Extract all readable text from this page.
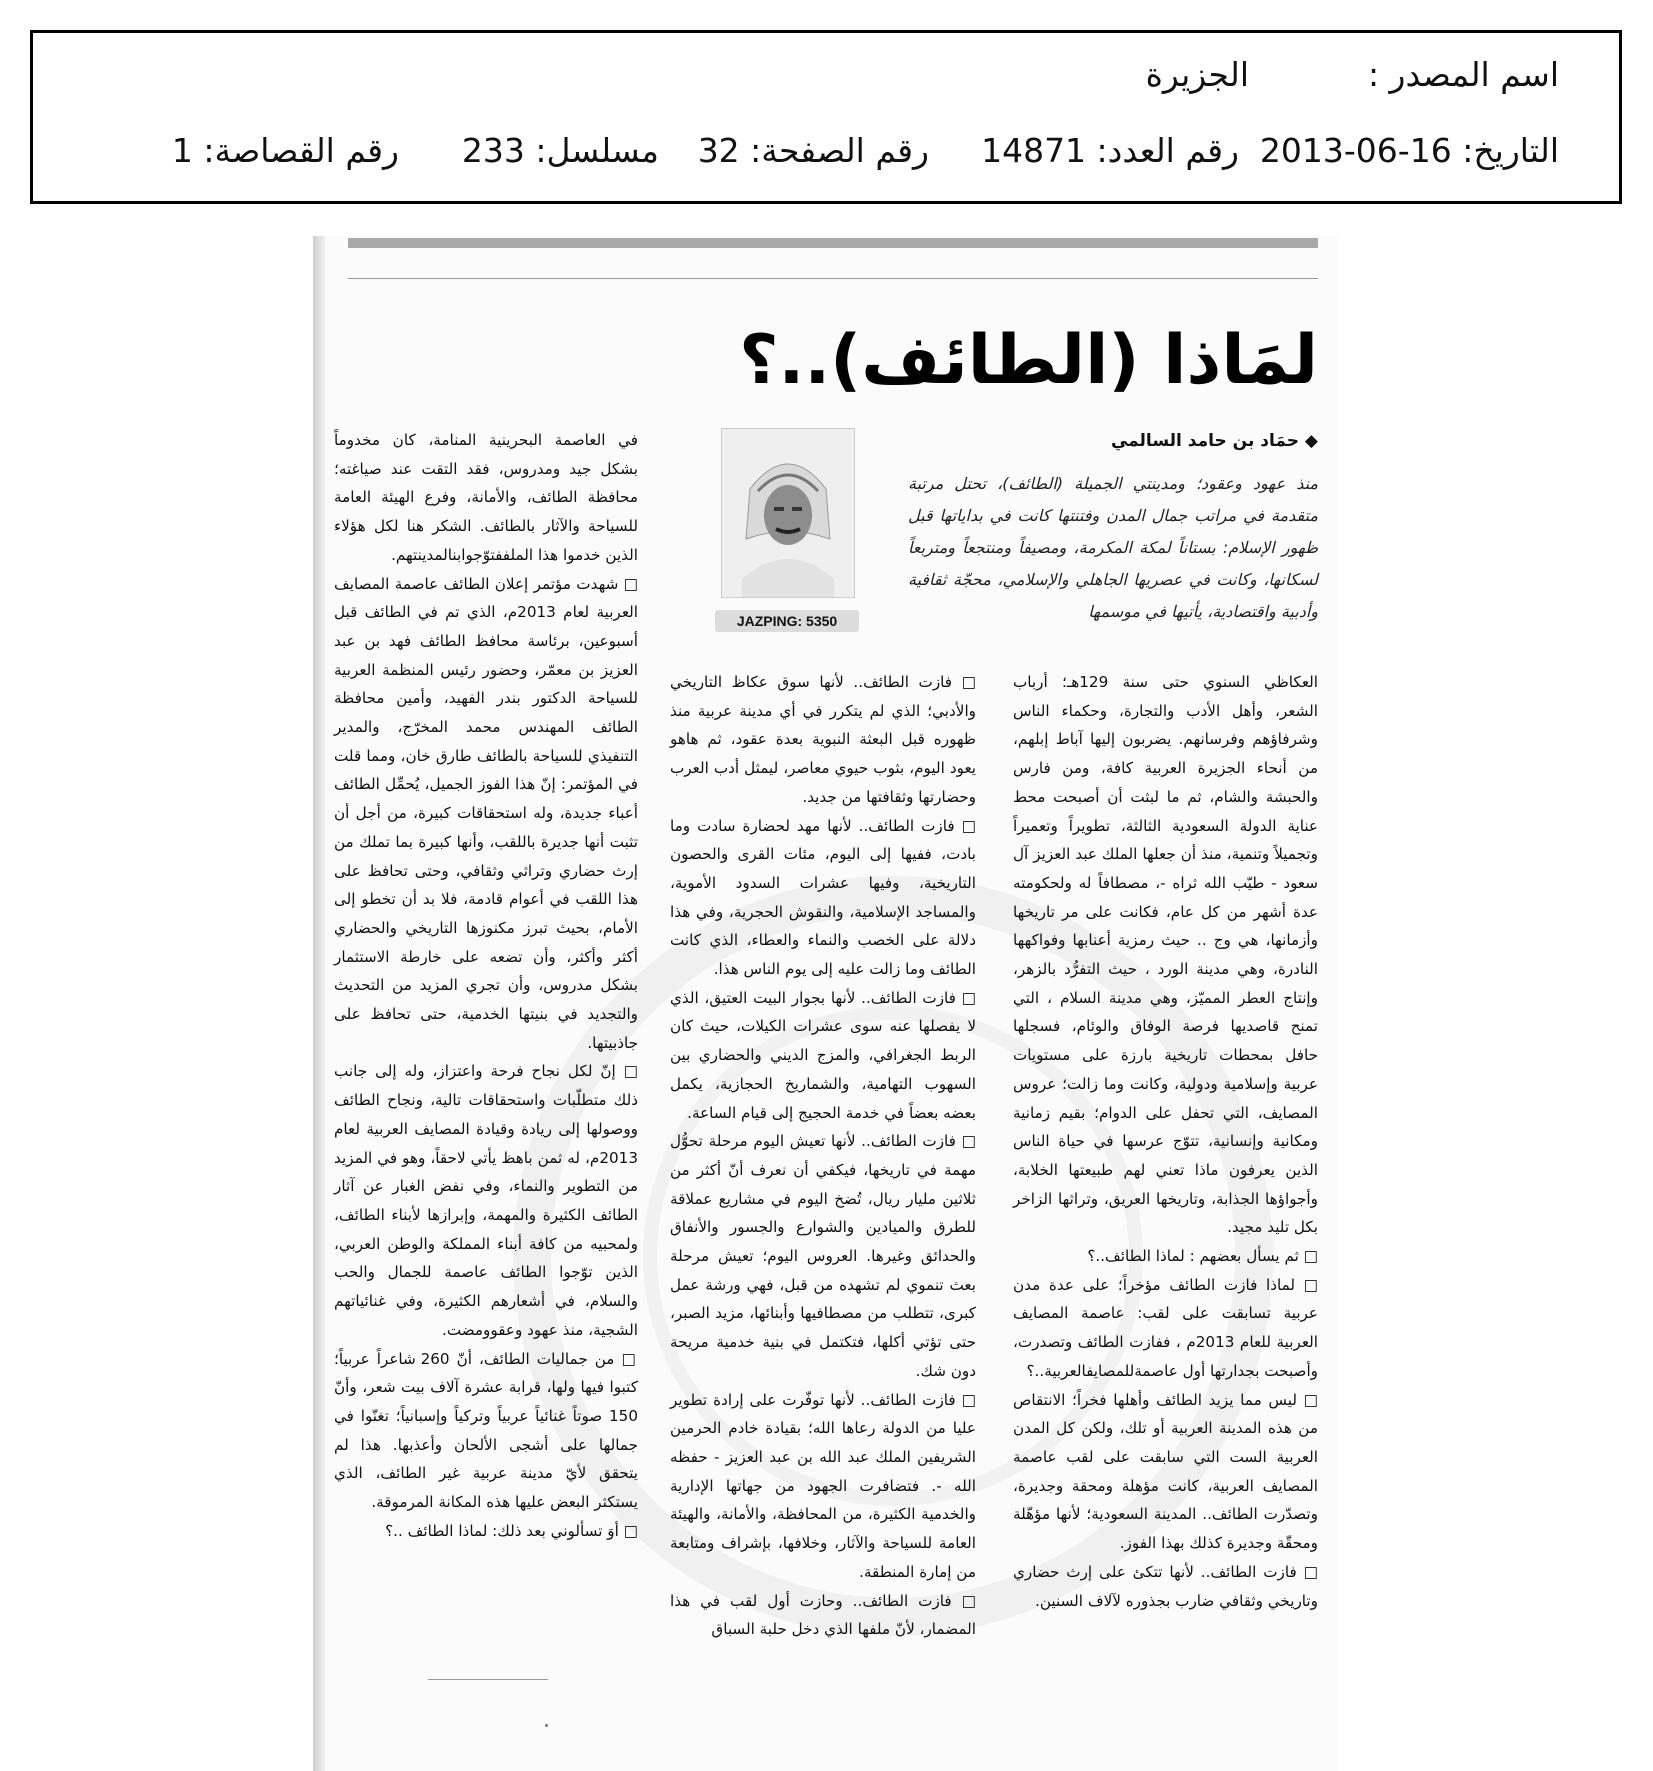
اسم المصدر :
الجزيرة
التاريخ: 16-06-2013
رقم العدد: 14871
رقم الصفحة: 32
مسلسل: 233
رقم القصاصة: 1
لمَاذا (الطائف)..؟
◆ حمَاد بن حامد السالمي
منذ عهود وعقود؛ ومدينتي الجميلة (الطائف)، تحتل مرتبة متقدمة في مراتب جمال المدن وفتنتها كانت في بداياتها قبل ظهور الإسلام: بستاناً لمكة المكرمة، ومصيفاً ومنتجعاً ومتربعاً لسكانها، وكانت في عصريها الجاهلي والإسلامي، محجّة ثقافية وأدبية واقتصادية، يأتيها في موسمها
JAZPING: 5350

العكاظي السنوي حتى سنة 129هـ؛ أرباب الشعر، وأهل الأدب والتجارة، وحكماء الناس وشرفاؤهم وفرسانهم. يضربون إليها آباط إبلهم، من أنحاء الجزيرة العربية كافة، ومن فارس والحبشة والشام، ثم ما لبثت أن أصبحت محط عناية الدولة السعودية الثالثة، تطويراً وتعميراً وتجميلاً وتنمية، منذ أن جعلها الملك عبد العزيز آل سعود - طيّب الله ثراه -، مصطافاً له ولحكومته عدة أشهر من كل عام، فكانت على مر تاريخها وأزمانها، هي وج .. حيث رمزية أعنابها وفواكهها النادرة، وهي مدينة الورد ، حيث التفرُّد بالزهر، وإنتاج العطر المميّز، وهي مدينة السلام ، التي تمنح قاصديها فرصة الوفاق والوئام، فسجلها حافل بمحطات تاريخية بارزة على مستويات عربية وإسلامية ودولية، وكانت وما زالت؛ عروس المصايف، التي تحفل على الدوام؛ بقيم زمانية ومكانية وإنسانية، تتوّج عرسها في حياة الناس الذين يعرفون ماذا تعني لهم طبيعتها الخلابة، وأجواؤها الجذابة، وتاريخها العريق، وتراثها الزاخر بكل تليد مجيد.

□ ثم يسأل بعضهم : لماذا الطائف..؟

□ لماذا فازت الطائف مؤخراً؛ على عدة مدن عربية تسابقت على لقب: عاصمة المصايف العربية للعام 2013م ، ففازت الطائف وتصدرت، وأصبحت بجدارتها أول عاصمةللمصايفالعربية..؟

□ ليس مما يزيد الطائف وأهلها فخراً؛ الانتقاص من هذه المدينة العربية أو تلك، ولكن كل المدن العربية الست التي سابقت على لقب عاصمة المصايف العربية، كانت مؤهلة ومحقة وجديرة، وتصدّرت الطائف.. المدينة السعودية؛ لأنها مؤهّلة ومحقّة وجديرة كذلك بهذا الفوز.

□ فازت الطائف.. لأنها تتكئ على إرث حضاري وتاريخي وثقافي ضارب بجذوره لآلاف السنين.

□ فازت الطائف.. لأنها سوق عكاظ التاريخي والأدبي؛ الذي لم يتكرر في أي مدينة عربية منذ ظهوره قبل البعثة النبوية بعدة عقود، ثم هاهو يعود اليوم، بثوب حيوي معاصر، ليمثل أدب العرب وحضارتها وثقافتها من جديد.

□ فازت الطائف.. لأنها مهد لحضارة سادت وما بادت، ففيها إلى اليوم، مئات القرى والحصون التاريخية، وفيها عشرات السدود الأموية، والمساجد الإسلامية، والنقوش الحجرية، وفي هذا دلالة على الخصب والنماء والعطاء، الذي كانت الطائف وما زالت عليه إلى يوم الناس هذا.

□ فازت الطائف.. لأنها بجوار البيت العتيق، الذي لا يفصلها عنه سوى عشرات الكيلات، حيث كان الربط الجغرافي، والمزج الديني والحضاري بين السهوب التهامية، والشماريخ الحجازية، يكمل بعضه بعضاً في خدمة الحجيج إلى قيام الساعة.

□ فازت الطائف.. لأنها تعيش اليوم مرحلة تحوُّل مهمة في تاريخها، فيكفي أن نعرف أنّ أكثر من ثلاثين مليار ريال، تُضخ اليوم في مشاريع عملاقة للطرق والميادين والشوارع والجسور والأنفاق والحدائق وغيرها. العروس اليوم؛ تعيش مرحلة بعث تنموي لم تشهده من قبل، فهي ورشة عمل كبرى، تتطلب من مصطافيها وأبنائها، مزيد الصبر، حتى تؤتي أكلها، فتكتمل في بنية خدمية مريحة دون شك.

□ فازت الطائف.. لأنها توفّرت على إرادة تطوير عليا من الدولة رعاها الله؛ بقيادة خادم الحرمين الشريفين الملك عبد الله بن عبد العزيز - حفظه الله -. فتضافرت الجهود من جهاتها الإدارية والخدمية الكثيرة، من المحافظة، والأمانة، والهيئة العامة للسياحة والآثار، وخلافها، بإشراف ومتابعة من إمارة المنطقة.

□ فازت الطائف.. وحازت أول لقب في هذا المضمار، لأنّ ملفها الذي دخل حلبة السباق

في العاصمة البحرينية المنامة، كان مخدوماً بشكل جيد ومدروس، فقد التقت عند صياغته؛ محافظة الطائف، والأمانة، وفرع الهيئة العامة للسياحة والآثار بالطائف. الشكر هنا لكل هؤلاء الذين خدموا هذا الملففتوّجوابنالمدينتهم.

□ شهدت مؤتمر إعلان الطائف عاصمة المصايف العربية لعام 2013م، الذي تم في الطائف قبل أسبوعين، برئاسة محافظ الطائف فهد بن عبد العزيز بن معمّر، وحضور رئيس المنظمة العربية للسياحة الدكتور بندر الفهيد، وأمين محافظة الطائف المهندس محمد المخرّج، والمدير التنفيذي للسياحة بالطائف طارق خان، ومما قلت في المؤتمر: إنّ هذا الفوز الجميل، يُحمِّل الطائف أعباء جديدة، وله استحقاقات كبيرة، من أجل أن تثبت أنها جديرة باللقب، وأنها كبيرة بما تملك من إرث حضاري وتراثي وثقافي، وحتى تحافظ على هذا اللقب في أعوام قادمة، فلا بد أن تخطو إلى الأمام، بحيث تبرز مكنوزها التاريخي والحضاري أكثر وأكثر، وأن تضعه على خارطة الاستثمار بشكل مدروس، وأن تجري المزيد من التحديث والتجديد في بنيتها الخدمية، حتى تحافظ على جاذبيتها.

□ إنّ لكل نجاح فرحة واعتزاز، وله إلى جانب ذلك متطلّبات واستحقاقات تالية، ونجاح الطائف ووصولها إلى ريادة وقيادة المصايف العربية لعام 2013م، له ثمن باهظ يأتي لاحقاً، وهو في المزيد من التطوير والنماء، وفي نفض الغبار عن آثار الطائف الكثيرة والمهمة، وإبرازها لأبناء الطائف، ولمحبيه من كافة أبناء المملكة والوطن العربي، الذين توّجوا الطائف عاصمة للجمال والحب والسلام، في أشعارهم الكثيرة، وفي غنائياتهم الشجية، منذ عهود وعقوومضت.

□ من جماليات الطائف، أنّ 260 شاعراً عربياً؛ كتبوا فيها ولها، قرابة عشرة آلاف بيت شعر، وأنّ 150 صوتاً غنائياً عربياً وتركياً وإسبانياً؛ تغنّوا في جمالها على أشجى الألحان وأعذبها. هذا لم يتحقق لأيّ مدينة عربية غير الطائف، الذي يستكثر البعض عليها هذه المكانة المرموقة.

□ أوَ تسألوني بعد ذلك: لماذا الطائف ..؟
